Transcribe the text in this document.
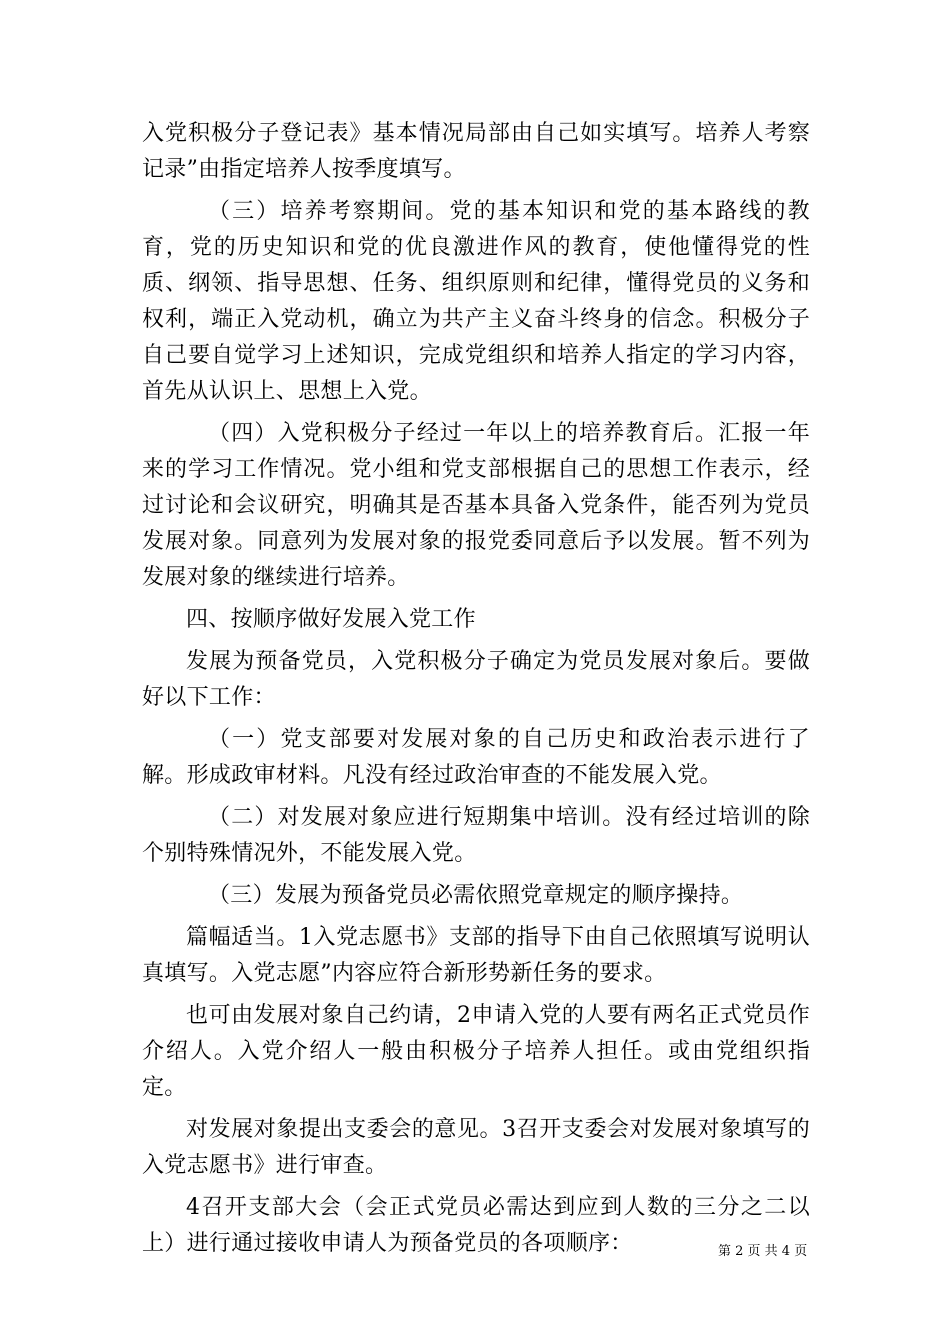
入党积极分子登记表》基本情况局部由自己如实填写。培养人考察记录”由指定培养人按季度填写。

（三）培养考察期间。党的基本知识和党的基本路线的教育，党的历史知识和党的优良激进作风的教育，使他懂得党的性质、纲领、指导思想、任务、组织原则和纪律，懂得党员的义务和权利，端正入党动机，确立为共产主义奋斗终身的信念。积极分子自己要自觉学习上述知识，完成党组织和培养人指定的学习内容，首先从认识上、思想上入党。

（四）入党积极分子经过一年以上的培养教育后。汇报一年来的学习工作情况。党小组和党支部根据自己的思想工作表示，经过讨论和会议研究，明确其是否基本具备入党条件，能否列为党员发展对象。同意列为发展对象的报党委同意后予以发展。暂不列为发展对象的继续进行培养。

四、按顺序做好发展入党工作

发展为预备党员，入党积极分子确定为党员发展对象后。要做好以下工作：

（一）党支部要对发展对象的自己历史和政治表示进行了解。形成政审材料。凡没有经过政治审查的不能发展入党。

（二）对发展对象应进行短期集中培训。没有经过培训的除个别特殊情况外，不能发展入党。

（三）发展为预备党员必需依照党章规定的顺序操持。

篇幅适当。1入党志愿书》支部的指导下由自己依照填写说明认真填写。入党志愿”内容应符合新形势新任务的要求。

也可由发展对象自己约请，2申请入党的人要有两名正式党员作介绍人。入党介绍人一般由积极分子培养人担任。或由党组织指定。

对发展对象提出支委会的意见。3召开支委会对发展对象填写的入党志愿书》进行审查。

4召开支部大会（会正式党员必需达到应到人数的三分之二以上）进行通过接收申请人为预备党员的各项顺序：	第 2 页 共 4 页
